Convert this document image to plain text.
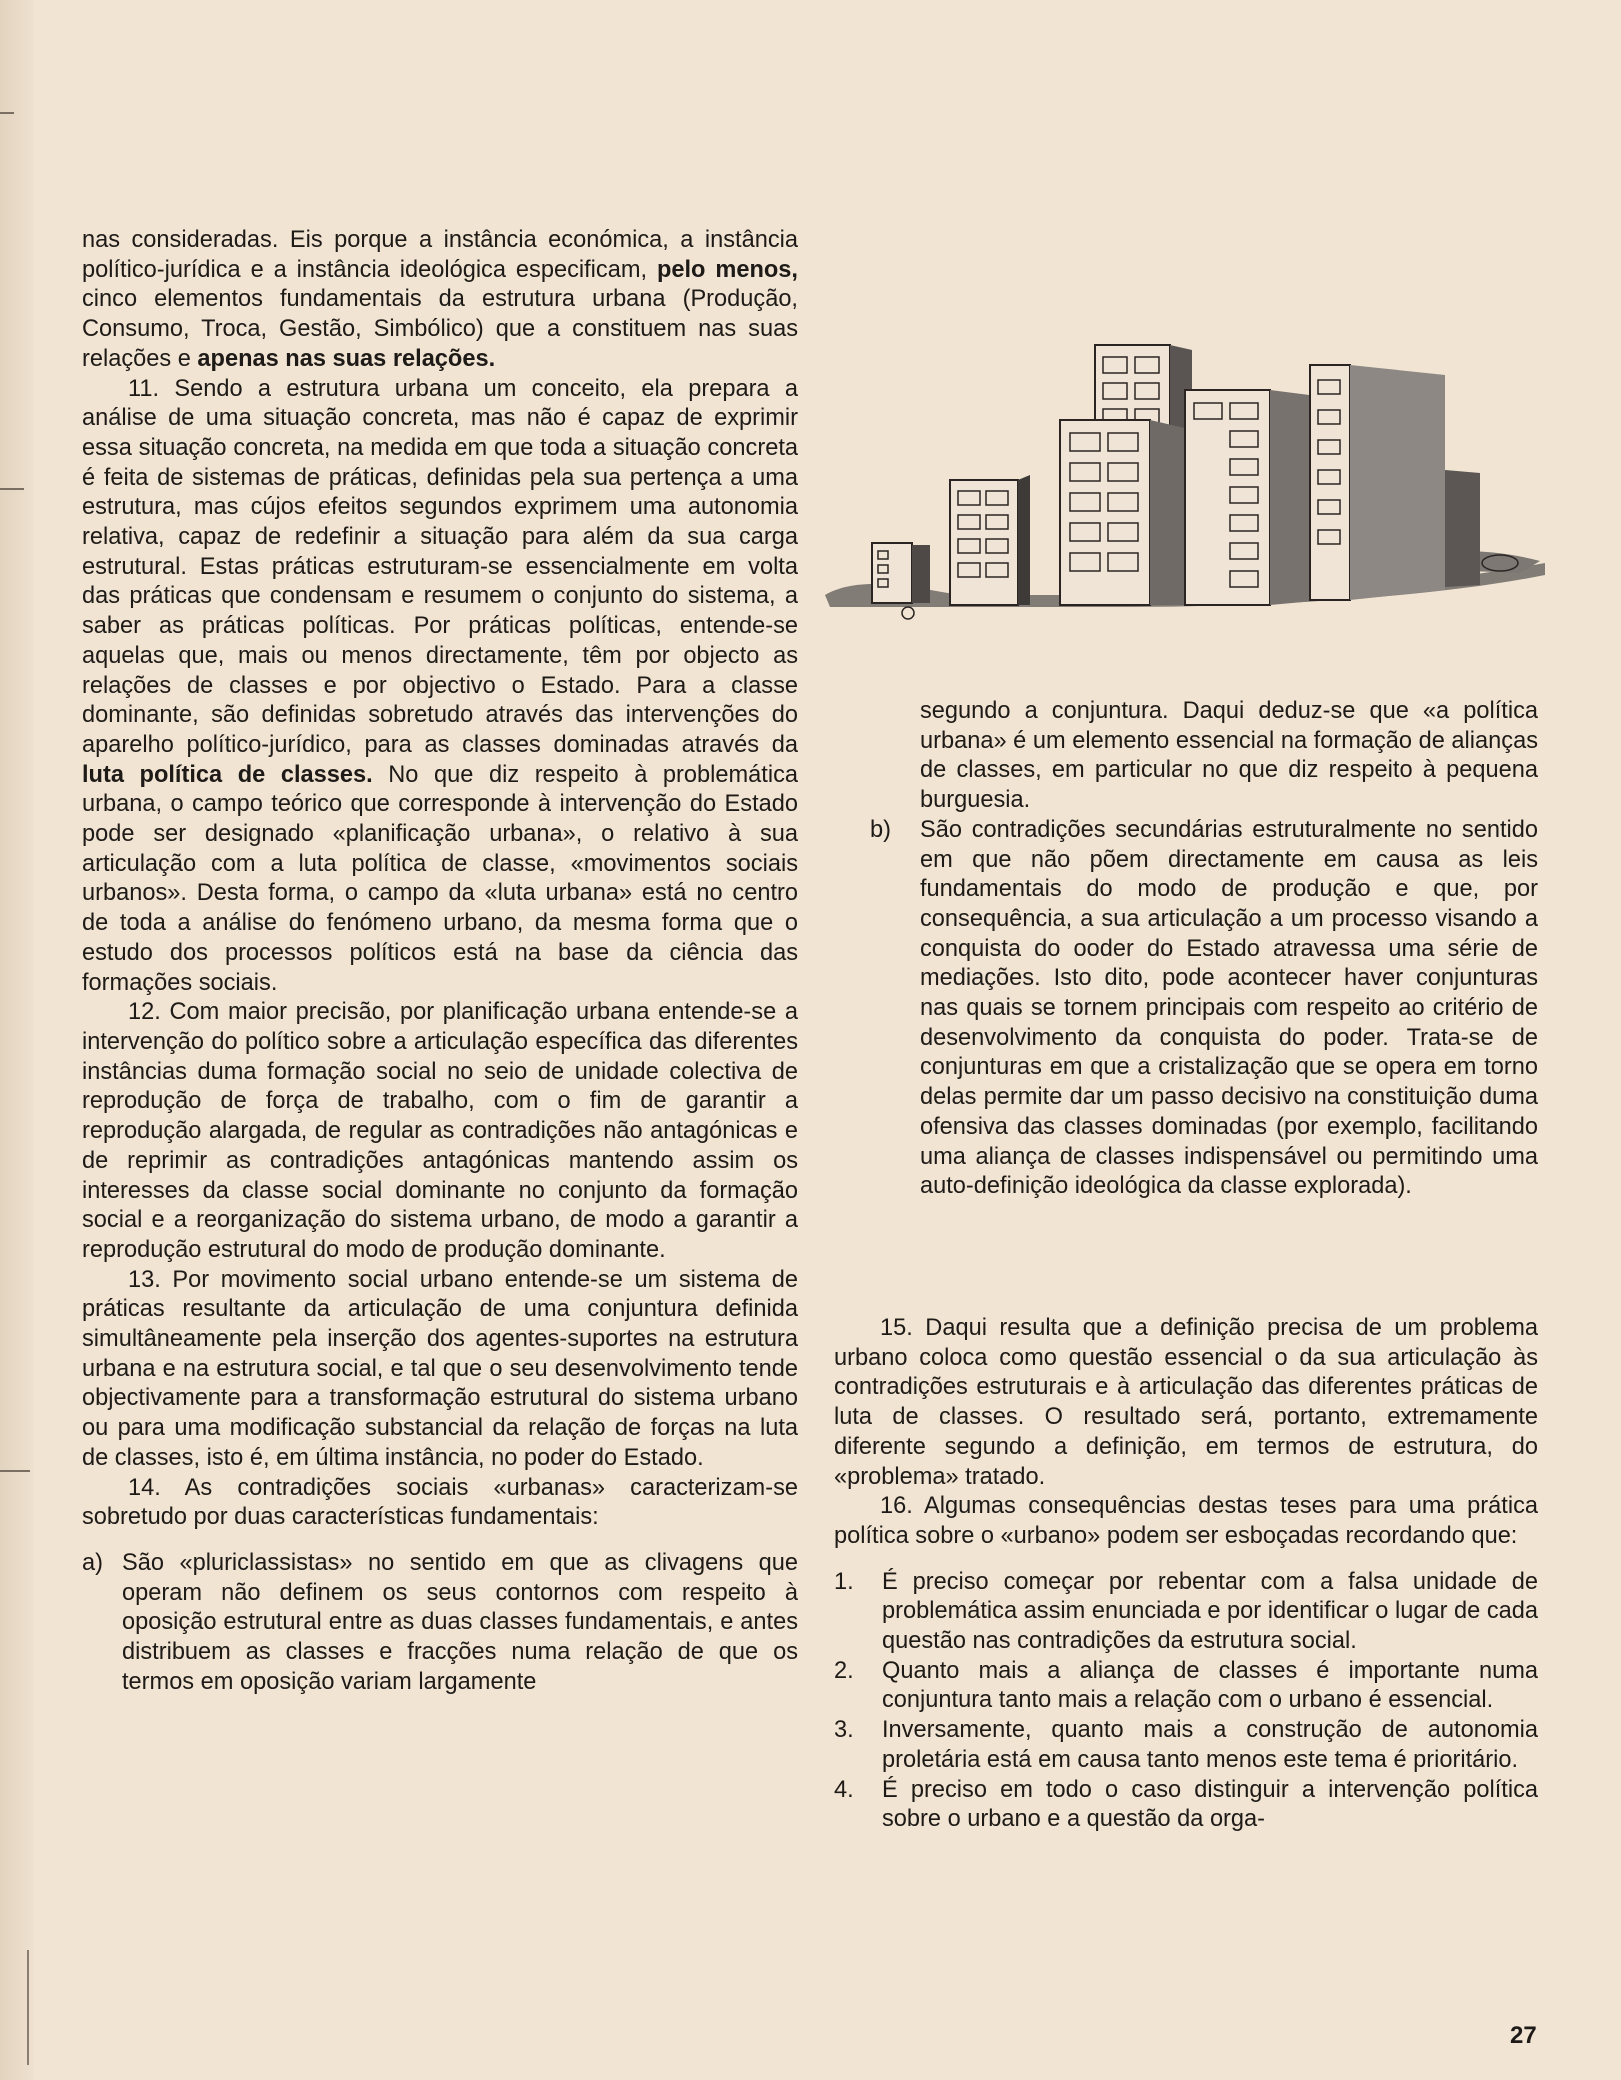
nas consideradas. Eis porque a instância económica, a instância político-jurídica e a instância ideológica especificam, pelo menos, cinco elementos fundamentais da estrutura urbana (Produção, Consumo, Troca, Gestão, Simbólico) que a constituem nas suas relações e apenas nas suas relações.

11. Sendo a estrutura urbana um conceito, ela prepara a análise de uma situação concreta, mas não é capaz de exprimir essa situação concreta, na medida em que toda a situação concreta é feita de sistemas de práticas, definidas pela sua pertença a uma estrutura, mas cújos efeitos segundos exprimem uma autonomia relativa, capaz de redefinir a situação para além da sua carga estrutural. Estas práticas estruturam-se essencialmente em volta das práticas que condensam e resumem o conjunto do sistema, a saber as práticas políticas. Por práticas políticas, entende-se aquelas que, mais ou menos directamente, têm por objecto as relações de classes e por objectivo o Estado. Para a classe dominante, são definidas sobretudo através das intervenções do aparelho político-jurídico, para as classes dominadas através da luta política de classes. No que diz respeito à problemática urbana, o campo teórico que corresponde à intervenção do Estado pode ser designado «planificação urbana», o relativo à sua articulação com a luta política de classe, «movimentos sociais urbanos». Desta forma, o campo da «luta urbana» está no centro de toda a análise do fenómeno urbano, da mesma forma que o estudo dos processos políticos está na base da ciência das formações sociais.

12. Com maior precisão, por planificação urbana entende-se a intervenção do político sobre a articulação específica das diferentes instâncias duma formação social no seio de unidade colectiva de reprodução de força de trabalho, com o fim de garantir a reprodução alargada, de regular as contradições não antagónicas e de reprimir as contradições antagónicas mantendo assim os interesses da classe social dominante no conjunto da formação social e a reorganização do sistema urbano, de modo a garantir a reprodução estrutural do modo de produção dominante.

13. Por movimento social urbano entende-se um sistema de práticas resultante da articulação de uma conjuntura definida simultâneamente pela inserção dos agentes-suportes na estrutura urbana e na estrutura social, e tal que o seu desenvolvimento tende objectivamente para a transformação estrutural do sistema urbano ou para uma modificação substancial da relação de forças na luta de classes, isto é, em última instância, no poder do Estado.

14. As contradições sociais «urbanas» caracterizam-se sobretudo por duas características fundamentais:

a) São «pluriclassistas» no sentido em que as clivagens que operam não definem os seus contornos com respeito à oposição estrutural entre as duas classes fundamentais, e antes distribuem as classes e fracções numa relação de que os termos em oposição variam largamente

segundo a conjuntura. Daqui deduz-se que «a política urbana» é um elemento essencial na formação de alianças de classes, em particular no que diz respeito à pequena burguesia.

b)	São contradições secundárias estruturalmente no sentido em que não põem directamente em causa as leis fundamentais do modo de produção e que, por consequência, a sua articulação a um processo visando a conquista do ooder do Estado atravessa uma série de mediações. Isto dito, pode acontecer haver conjunturas nas quais se tornem principais com respeito ao critério de desenvolvimento da conquista do poder. Trata-se de conjunturas em que a cristalização que se opera em torno delas permite dar um passo decisivo na constituição duma ofensiva das classes dominadas (por exemplo, facilitando uma aliança de classes indispensável ou permitindo uma auto-definição ideológica da classe explorada).

15. Daqui resulta que a definição precisa de um problema urbano coloca como questão essencial o da sua articulação às contradições estruturais e à articulação das diferentes práticas de luta de classes. O resultado será, portanto, extremamente diferente segundo a definição, em termos de estrutura, do «problema» tratado.

16. Algumas consequências destas teses para uma prática política sobre o «urbano» podem ser esboçadas recordando que:

1.	É preciso começar por rebentar com a falsa unidade de problemática assim enunciada e por identificar o lugar de cada questão nas contradições da estrutura social.

2.	Quanto mais a aliança de classes é importante numa conjuntura tanto mais a relação com o urbano é essencial.

3.	Inversamente, quanto mais a construção de autonomia proletária está em causa tanto menos este tema é prioritário.

4.	É preciso em todo o caso distinguir a intervenção política sobre o urbano e a questão da orga-

27
